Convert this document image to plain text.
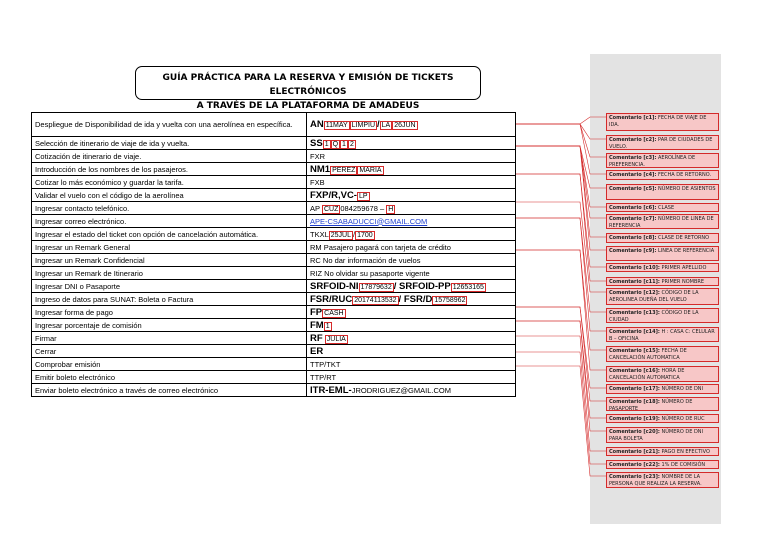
GUÍA PRÁCTICA PARA LA RESERVA Y EMISIÓN DE TICKETS ELECTRÓNICOS
A TRAVÉS DE LA PLATAFORMA DE AMADEUS
Despliegue de Disponibilidad de ida y vuelta con una aerolínea en específica.	AN 11MAY LIMPIU / LA 26JUN
Selección de itinerario de viaje de ida y vuelta.	SS 1 Q 1 2
Cotización de itinerario de viaje.	FXR
Introducción de los nombres de los pasajeros.	NM1 PEREZ MARIA
Cotizar lo más económico y guardar la tarifa.	FXB
Validar el vuelo con el código de la aerolínea	FXP/R,VC- LP
Ingresar contacto telefónico.	AP CUZ 084259678 – H
Ingresar correo electrónico.	APE-CSABADUCCI@GMAIL.COM
Ingresar el estado del ticket con opción de cancelación automática.	TKXL 25JUL / 1700
Ingresar un Remark General	RM Pasajero pagará con tarjeta de crédito
Ingresar un Remark Confidencial	RC No dar información de vuelos
Ingresar un Remark de Itinerario	RIZ No olvidar su pasaporte vigente
Ingresar DNI o Pasaporte	SRFOID-NI 17879632 / SRFOID-PP 12653165
Ingreso de datos para SUNAT: Boleta o Factura	FSR/RUC 20174113532 / FSR/D 15758962
Ingresar forma de pago	FP CASH
Ingresar porcentaje de comisión	FM 1
Firmar	RF JULIA
Cerrar	ER
Comprobar emisión	TTP/TKT
Emitir boleto electrónico	TTP/RT
Enviar boleto electrónico a través de correo electrónico	ITR-EML-JRODRIGUEZ@GMAIL.COM
Comentario [c1]: FECHA DE VIAJE DE IDA.
Comentario [c2]: PAR DE CIUDADES DE VUELO.
Comentario [c3]: AEROLÍNEA DE PREFERENCIA.
Comentario [c4]: FECHA DE RETORNO.
Comentario [c5]: NÚMERO DE ASIENTOS
Comentario [c6]: CLASE
Comentario [c7]: NÚMERO DE LINEA DE REFERENCIA
Comentario [c8]: CLASE DE RETORNO
Comentario [c9]: LINEA DE REFERENCIA
Comentario [c10]: PRIMER APELLIDO
Comentario [c11]: PRIMER NOMBRE
Comentario [c12]: CÓDIGO DE LA AEROLINEA DUEÑA DEL VUELO
Comentario [c13]: CÓDIGO DE LA CIUDAD
Comentario [c14]: H : CASA C: CELULAR B – OFICINA
Comentario [c15]: FECHA DE CANCELACIÓN AUTOMATICA
Comentario [c16]: HORA DE CANCELACIÓN AUTOMATICA
Comentario [c17]: NÚMERO DE DNI
Comentario [c18]: NÚMERO DE PASAPORTE
Comentario [c19]: NÚMERO DE RUC
Comentario [c20]: NÚMERO DE DNI PARA BOLETA
Comentario [c21]: PAGO EN EFECTIVO
Comentario [c22]: 1% DE COMISIÓN
Comentario [c23]: NOMBRE DE LA PERSONA QUE REALIZA LA RESERVA.
